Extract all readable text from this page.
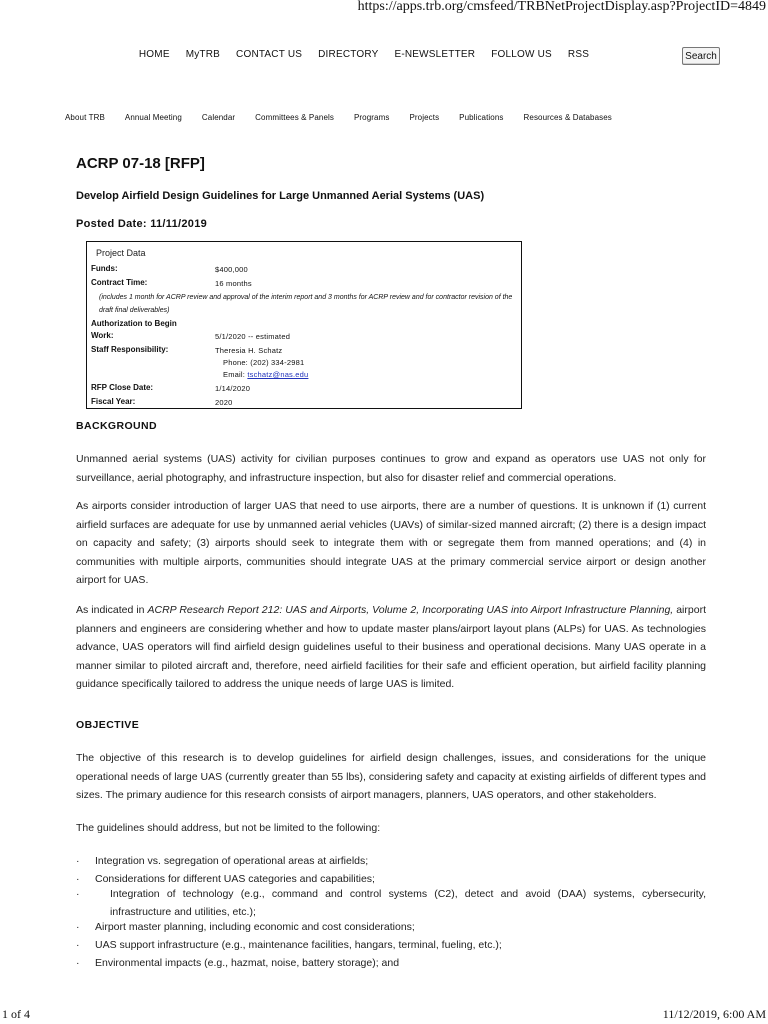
https://apps.trb.org/cmsfeed/TRBNetProjectDisplay.asp?ProjectID=4849
HOME MyTRB CONTACT US DIRECTORY E-NEWSLETTER FOLLOW US RSS	Search
About TRB	Annual Meeting	Calendar	Committees & Panels	Programs	Projects	Publications	Resources & Databases
ACRP 07-18 [RFP]
Develop Airfield Design Guidelines for Large Unmanned Aerial Systems (UAS)
Posted Date: 11/11/2019
Project Data
Funds:	$400,000
Contract Time:	16 months
(includes 1 month for ACRP review and approval of the interim report and 3 months for ACRP review and for contractor revision of the draft final deliverables)
Authorization to Begin
Work:	5/1/2020 -- estimated
Staff Responsibility:	Theresia H. Schatz
Phone: (202) 334-2981
Email: tschatz@nas.edu
RFP Close Date:	1/14/2020
Fiscal Year:	2020
BACKGROUND

Unmanned aerial systems (UAS) activity for civilian purposes continues to grow and expand as operators use UAS not only for surveillance, aerial photography, and infrastructure inspection, but also for disaster relief and commercial operations.

As airports consider introduction of larger UAS that need to use airports, there are a number of questions. It is unknown if (1) current airfield surfaces are adequate for use by unmanned aerial vehicles (UAVs) of similar-sized manned aircraft; (2) there is a design impact on capacity and safety; (3) airports should seek to integrate them with or segregate them from manned operations; and (4) in communities with multiple airports, communities should integrate UAS at the primary commercial service airport or design another airport for UAS.

As indicated in ACRP Research Report 212: UAS and Airports, Volume 2, Incorporating UAS into Airport Infrastructure Planning, airport planners and engineers are considering whether and how to update master plans/airport layout plans (ALPs) for UAS. As technologies advance, UAS operators will find airfield design guidelines useful to their business and operational decisions. Many UAS operate in a manner similar to piloted aircraft and, therefore, need airfield facilities for their safe and efficient operation, but airfield facility planning guidance specifically tailored to address the unique needs of large UAS is limited.

OBJECTIVE

The objective of this research is to develop guidelines for airfield design challenges, issues, and considerations for the unique operational needs of large UAS (currently greater than 55 lbs), considering safety and capacity at existing airfields of different types and sizes. The primary audience for this research consists of airport managers, planners, UAS operators, and other stakeholders.

The guidelines should address, but not be limited to the following:

· Integration vs. segregation of operational areas at airfields;
· Considerations for different UAS categories and capabilities;
·	Integration of technology (e.g., command and control systems (C2), detect and avoid (DAA) systems, cybersecurity, infrastructure and utilities, etc.);
· Airport master planning, including economic and cost considerations;
· UAS support infrastructure (e.g., maintenance facilities, hangars, terminal, fueling, etc.);
· Environmental impacts (e.g., hazmat, noise, battery storage); and
1 of 4	11/12/2019, 6:00 AM
